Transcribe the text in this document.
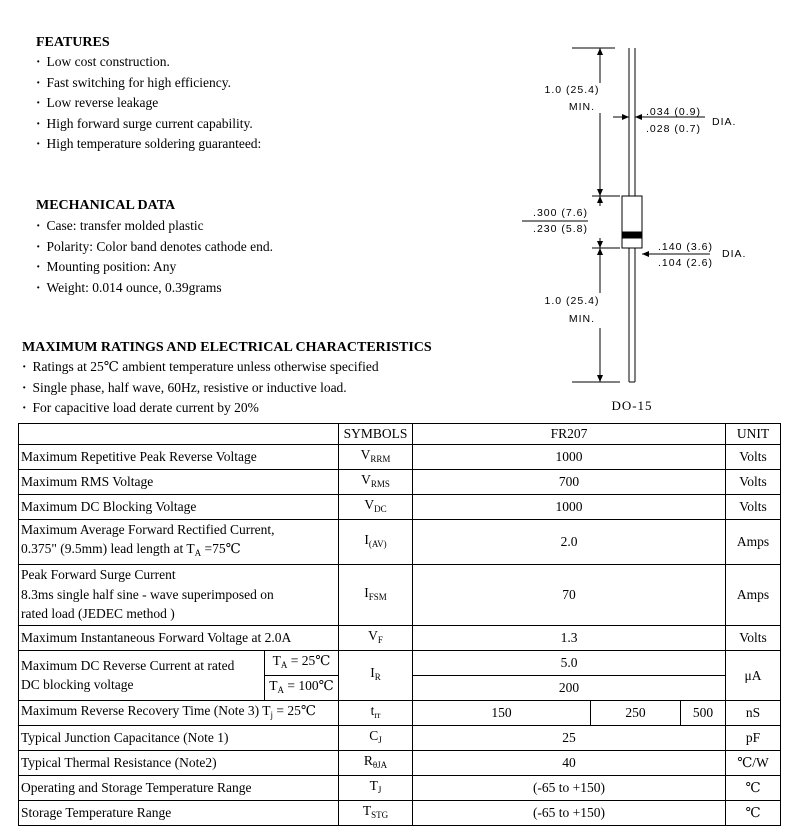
FEATURES
· Low cost construction.
· Fast switching for high efficiency.
· Low reverse leakage
· High forward surge current capability.
· High temperature soldering guaranteed:
MECHANICAL DATA
· Case: transfer molded plastic
· Polarity: Color band denotes cathode end.
· Mounting position: Any
· Weight: 0.014 ounce, 0.39grams
MAXIMUM RATINGS AND ELECTRICAL CHARACTERISTICS
· Ratings at 25℃ ambient temperature unless otherwise specified
· Single phase, half wave, 60Hz, resistive or inductive load.
· For capacitive load derate current by 20%
1.0 (25.4)
MIN.	.034 (0.9)
.028 (0.7)
DIA.
.300 (7.6)
.230 (5.8)
.140 (3.6)
.104 (2.6)
DIA.
1.0 (25.4)
MIN.
DO-15
		SYMBOLS	FR207			UNIT
Maximum Repetitive Peak Reverse Voltage		$V_{RRM}$	1000			Volts
Maximum RMS Voltage		$V_{RMS}$	700			Volts
Maximum DC Blocking Voltage		$V_{DC}$	1000			Volts

Maximum Average Forward Rectified Current,
0.375" (9.5mm) lead length at $T_A$ =75℃		$I_{(AV)}$	2.0			Amps

Peak Forward Surge Current
8.3ms single half sine - wave superimposed on
rated load (JEDEC method )		$I_{FSM}$	70			Amps
Maximum Instantaneous Forward Voltage at 2.0A		$V_F$	1.3			Volts

Maximum DC Reverse Current at rated
DC blocking voltage	$T_A$ = 25℃	$I_R$	5.0			μA
	$T_A$ = 100℃		200			
Maximum Reverse Recovery Time (Note 3) $T_j$ = 25℃		$t_{rr}$	150	250	500	nS
Typical Junction Capacitance (Note 1)		$C_J$	25			pF
Typical Thermal Resistance (Note2)		$R_{\theta JA}$	40			℃/W
Operating and Storage Temperature Range		$T_J$	(-65 to +150)			℃
Storage Temperature Range		$T_{STG}$	(-65 to +150)			℃
